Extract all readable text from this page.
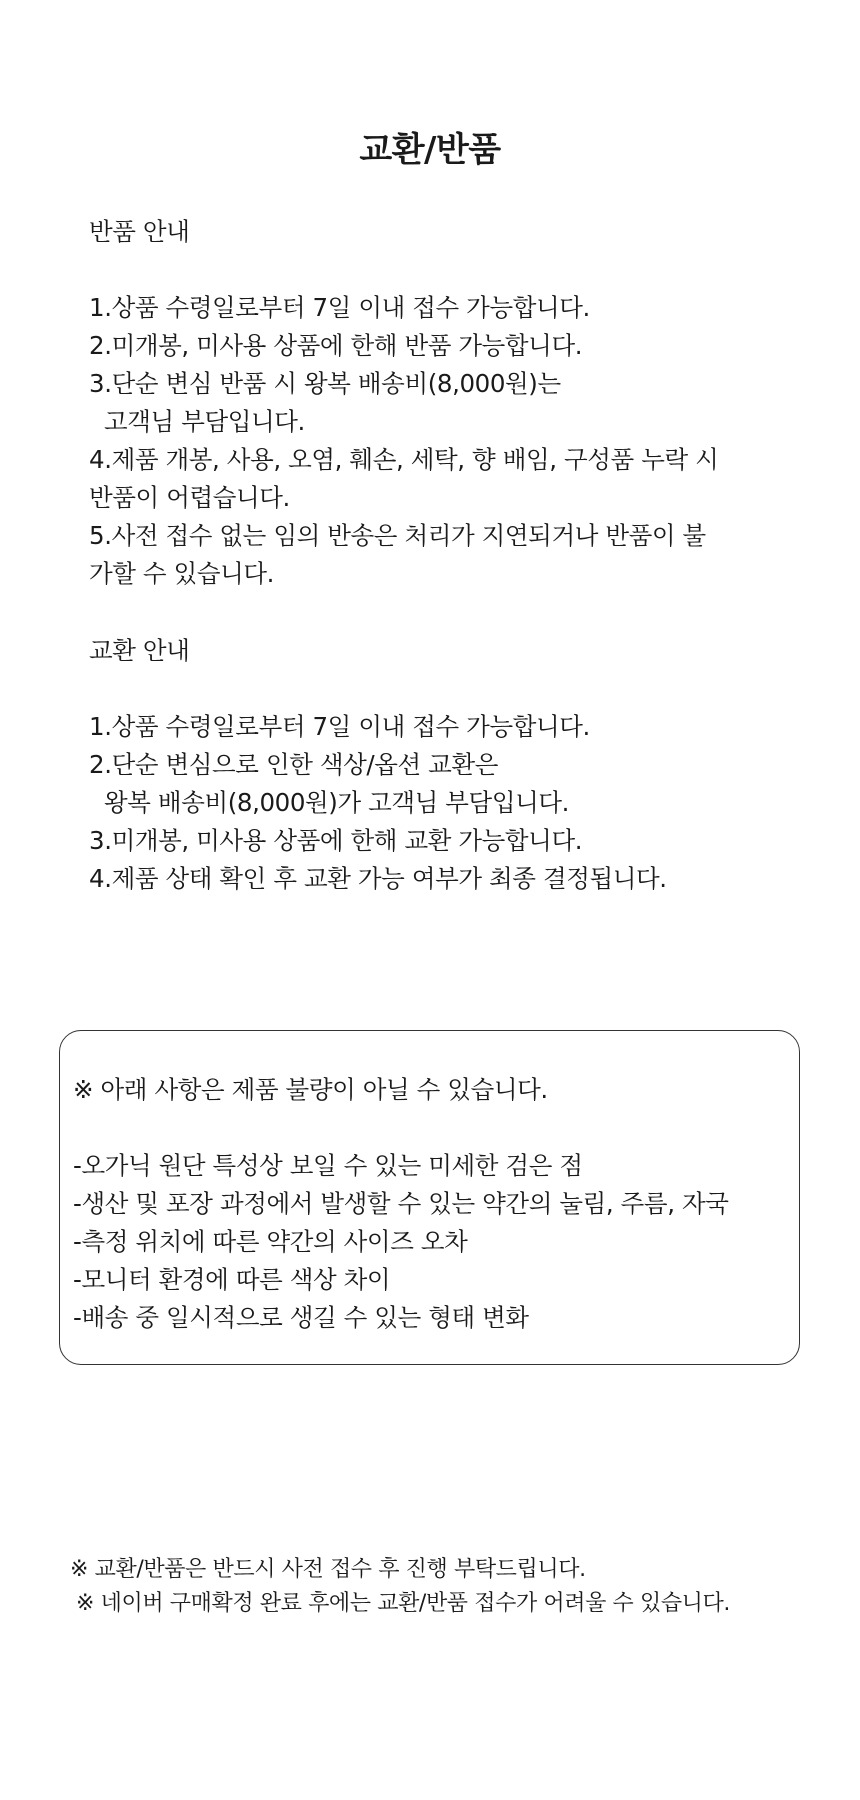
교환/반품
반품 안내
1.상품 수령일로부터 7일 이내 접수 가능합니다.
2.미개봉, 미사용 상품에 한해 반품 가능합니다.
3.단순 변심 반품 시 왕복 배송비(8,000원)는
고객님 부담입니다.
4.제품 개봉, 사용, 오염, 훼손, 세탁, 향 배임, 구성품 누락 시
반품이 어렵습니다.
5.사전 접수 없는 임의 반송은 처리가 지연되거나 반품이 불
가할 수 있습니다.
교환 안내
1.상품 수령일로부터 7일 이내 접수 가능합니다.
2.단순 변심으로 인한 색상/옵션 교환은
왕복 배송비(8,000원)가 고객님 부담입니다.
3.미개봉, 미사용 상품에 한해 교환 가능합니다.
4.제품 상태 확인 후 교환 가능 여부가 최종 결정됩니다.
※ 아래 사항은 제품 불량이 아닐 수 있습니다.
-오가닉 원단 특성상 보일 수 있는 미세한 검은 점
-생산 및 포장 과정에서 발생할 수 있는 약간의 눌림, 주름, 자국
-측정 위치에 따른 약간의 사이즈 오차
-모니터 환경에 따른 색상 차이
-배송 중 일시적으로 생길 수 있는 형태 변화
※ 교환/반품은 반드시 사전 접수 후 진행 부탁드립니다.
※ 네이버 구매확정 완료 후에는 교환/반품 접수가 어려울 수 있습니다.
